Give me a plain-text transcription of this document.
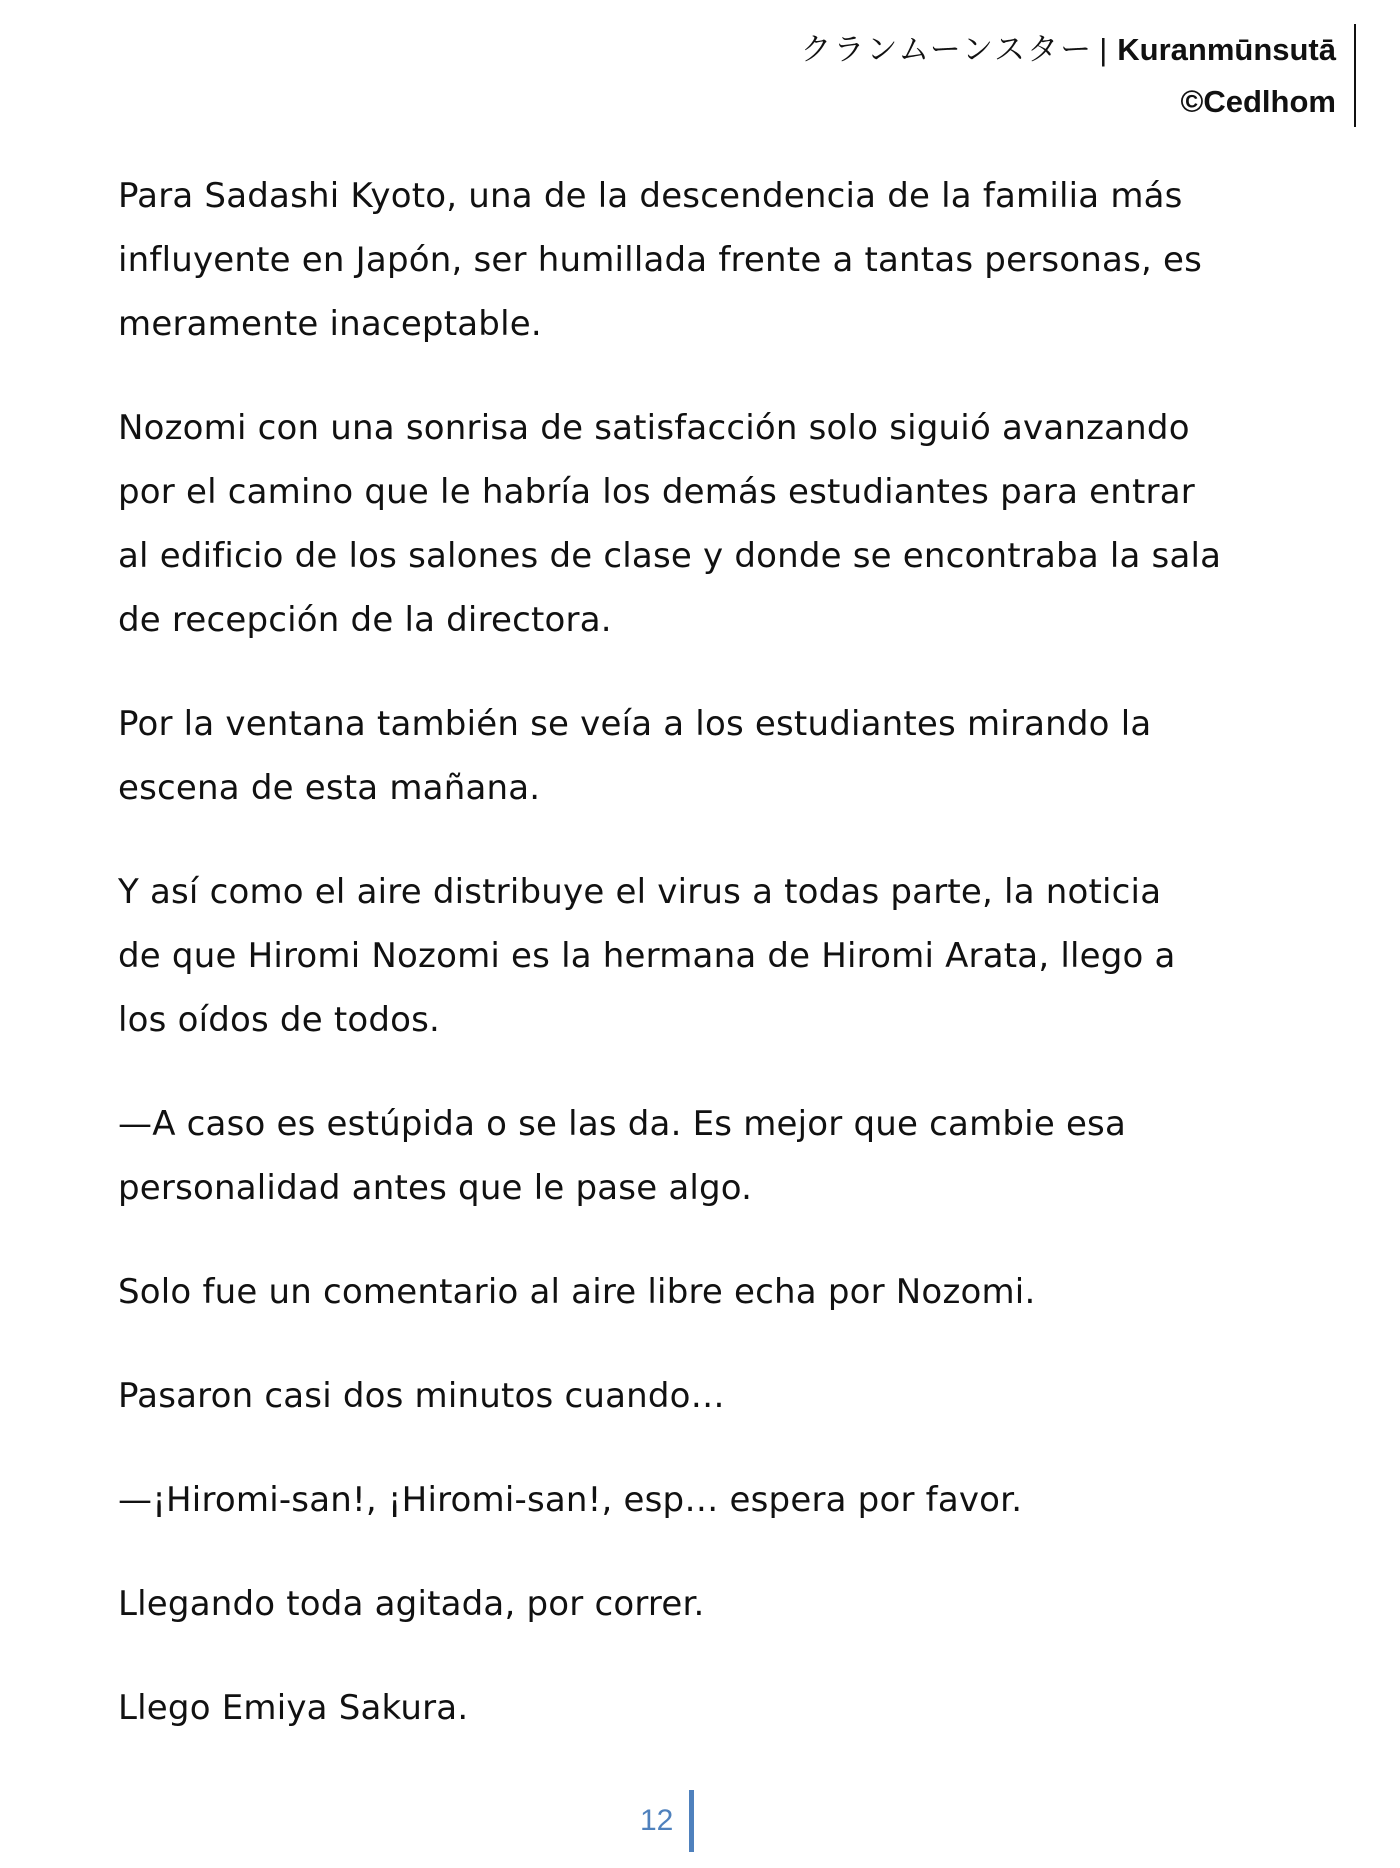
クランムーンスター | Kuranmūnsutā
©Cedlhom

Para Sadashi Kyoto, una de la descendencia de la familia más
influyente en Japón, ser humillada frente a tantas personas, es
meramente inaceptable.

Nozomi con una sonrisa de satisfacción solo siguió avanzando
por el camino que le habría los demás estudiantes para entrar
al edificio de los salones de clase y donde se encontraba la sala
de recepción de la directora.

Por la ventana también se veía a los estudiantes mirando la
escena de esta mañana.

Y así como el aire distribuye el virus a todas parte, la noticia
de que Hiromi Nozomi es la hermana de Hiromi Arata, llego a
los oídos de todos.

—A caso es estúpida o se las da. Es mejor que cambie esa
personalidad antes que le pase algo.

Solo fue un comentario al aire libre echa por Nozomi.

Pasaron casi dos minutos cuando…

—¡Hiromi-san!, ¡Hiromi-san!, esp… espera por favor.

Llegando toda agitada, por correr.

Llego Emiya Sakura.

12
